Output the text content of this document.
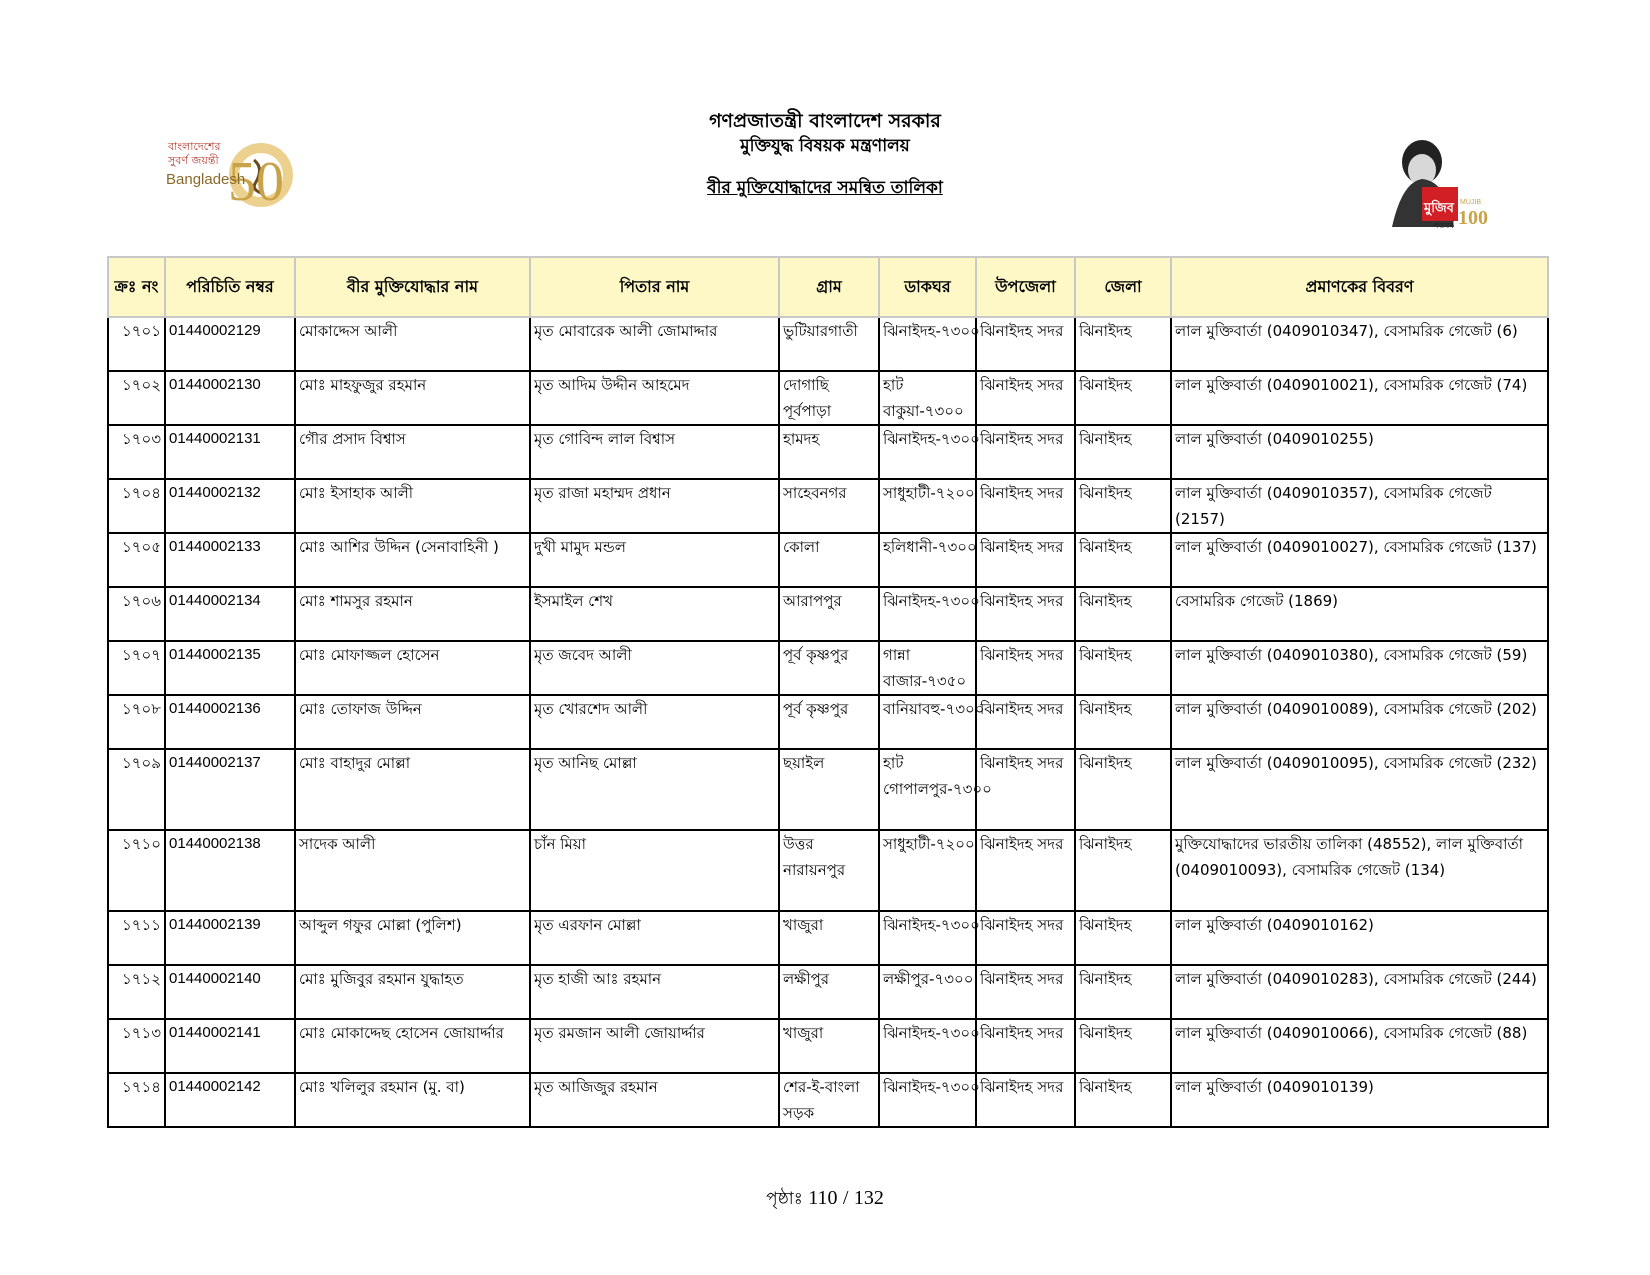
50
বাংলাদেশের
সুবর্ণ জয়ন্তী
Bangladesh
মুজিব
শতবর্ষ
MUJIB
100
গণপ্রজাতন্ত্রী বাংলাদেশ সরকার
মুক্তিযুদ্ধ বিষয়ক মন্ত্রণালয়
বীর মুক্তিযোদ্ধাদের সমন্বিত তালিকা
ক্রঃ নং	পরিচিতি নম্বর	বীর মুক্তিযোদ্ধার নাম	পিতার নাম	গ্রাম	ডাকঘর	উপজেলা	জেলা	প্রমাণকের বিবরণ
১৭০১	01440002129	মোকাদ্দেস আলী	মৃত মোবারেক আলী জোমাদ্দার	ভুটিয়ারগাতী	ঝিনাইদহ-৭৩০০	ঝিনাইদহ সদর	ঝিনাইদহ	লাল মুক্তিবার্তা (0409010347), বেসামরিক গেজেট (6)
১৭০২	01440002130	মোঃ মাহফুজুর রহমান	মৃত আদিম উদ্দীন আহমেদ	দোগাছি পূর্বপাড়া	হাট বাকুয়া-৭৩০০	ঝিনাইদহ সদর	ঝিনাইদহ	লাল মুক্তিবার্তা (0409010021), বেসামরিক গেজেট (74)
১৭০৩	01440002131	গৌর প্রসাদ বিশ্বাস	মৃত গোবিন্দ লাল বিশ্বাস	হামদহ	ঝিনাইদহ-৭৩০০	ঝিনাইদহ সদর	ঝিনাইদহ	লাল মুক্তিবার্তা (0409010255)
১৭০৪	01440002132	মোঃ ইসাহাক আলী	মৃত রাজা মহাম্মদ প্রধান	সাহেবনগর	সাধুহাটী-৭২০০	ঝিনাইদহ সদর	ঝিনাইদহ	লাল মুক্তিবার্তা (0409010357), বেসামরিক গেজেট (2157)
১৭০৫	01440002133	মোঃ আশির উদ্দিন (সেনাবাহিনী )	দুখী মামুদ মন্ডল	কোলা	হলিধানী-৭৩০০	ঝিনাইদহ সদর	ঝিনাইদহ	লাল মুক্তিবার্তা (0409010027), বেসামরিক গেজেট (137)
১৭০৬	01440002134	মোঃ শামসুর রহমান	ইসমাইল শেখ	আরাপপুর	ঝিনাইদহ-৭৩০০	ঝিনাইদহ সদর	ঝিনাইদহ	বেসামরিক গেজেট (1869)
১৭০৭	01440002135	মোঃ মোফাজ্জল হোসেন	মৃত জবেদ আলী	পূর্ব কৃষ্ণপুর	গান্না বাজার-৭৩৫০	ঝিনাইদহ সদর	ঝিনাইদহ	লাল মুক্তিবার্তা (0409010380), বেসামরিক গেজেট (59)
১৭০৮	01440002136	মোঃ তোফাজ উদ্দিন	মৃত খোরশেদ আলী	পূর্ব কৃষ্ণপুর	বানিয়াবহু-৭৩০০	ঝিনাইদহ সদর	ঝিনাইদহ	লাল মুক্তিবার্তা (0409010089), বেসামরিক গেজেট (202)
১৭০৯	01440002137	মোঃ বাহাদুর মোল্লা	মৃত আনিছ মোল্লা	ছয়াইল	হাট গোপালপুর-৭৩০০	ঝিনাইদহ সদর	ঝিনাইদহ	লাল মুক্তিবার্তা (0409010095), বেসামরিক গেজেট (232)
১৭১০	01440002138	সাদেক আলী	চাঁন মিয়া	উত্তর নারায়নপুর	সাধুহাটী-৭২০০	ঝিনাইদহ সদর	ঝিনাইদহ	মুক্তিযোদ্ধাদের ভারতীয় তালিকা (48552), লাল মুক্তিবার্তা (0409010093), বেসামরিক গেজেট (134)
১৭১১	01440002139	আব্দুল গফুর মোল্লা (পুলিশ)	মৃত এরফান মোল্লা	খাজুরা	ঝিনাইদহ-৭৩০০	ঝিনাইদহ সদর	ঝিনাইদহ	লাল মুক্তিবার্তা (0409010162)
১৭১২	01440002140	মোঃ মুজিবুর রহমান যুদ্ধাহত	মৃত হাজী আঃ রহমান	লক্ষীপুর	লক্ষীপুর-৭৩০০	ঝিনাইদহ সদর	ঝিনাইদহ	লাল মুক্তিবার্তা (0409010283), বেসামরিক গেজেট (244)
১৭১৩	01440002141	মোঃ মোকাদ্দেছ হোসেন জোয়ার্দ্দার	মৃত রমজান আলী জোয়ার্দ্দার	খাজুরা	ঝিনাইদহ-৭৩০০	ঝিনাইদহ সদর	ঝিনাইদহ	লাল মুক্তিবার্তা (0409010066), বেসামরিক গেজেট (88)
১৭১৪	01440002142	মোঃ খলিলুর রহমান (মু. বা)	মৃত আজিজুর রহমান	শের-ই-বাংলা সড়ক	ঝিনাইদহ-৭৩০০	ঝিনাইদহ সদর	ঝিনাইদহ	লাল মুক্তিবার্তা (0409010139)
পৃষ্ঠাঃ 110 / 132
